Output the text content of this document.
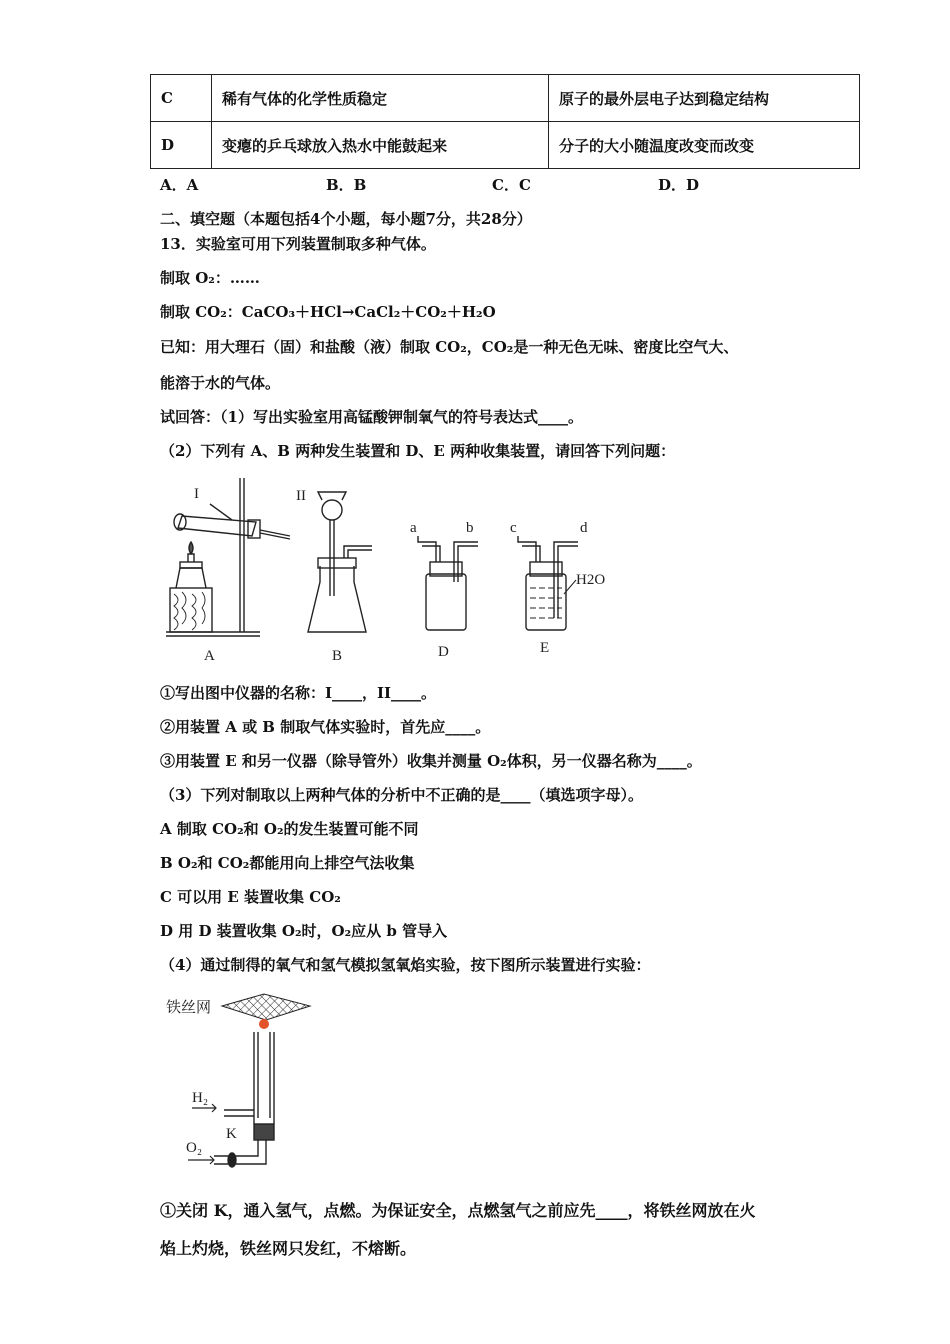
C	稀有气体的化学性质稳定	原子的最外层电子达到稳定结构
D	变瘪的乒乓球放入热水中能鼓起来	分子的大小随温度改变而改变
A．A	B．B	C．C	D．D
二、填空题（本题包括4个小题，每小题7分，共28分）
13．实验室可用下列装置制取多种气体。
制取 O₂：……
制取 CO₂：CaCO₃＋HCl→CaCl₂＋CO₂＋H₂O
已知：用大理石（固）和盐酸（液）制取 CO₂，CO₂是一种无色无味、密度比空气大、
能溶于水的气体。
试回答：（1）写出实验室用高锰酸钾制氧气的符号表达式____。
（2）下列有 A、B 两种发生装置和 D、E 两种收集装置，请回答下列问题：
I	II
a	b c	d
H2O
A	B	D	E
①写出图中仪器的名称：I____，II____。
②用装置 A 或 B 制取气体实验时，首先应____。
③用装置 E 和另一仪器（除导管外）收集并测量 O₂体积，另一仪器名称为____。
（3）下列对制取以上两种气体的分析中不正确的是____（填选项字母）。
A 制取 CO₂和 O₂的发生装置可能不同
B O₂和 CO₂都能用向上排空气法收集
C 可以用 E 装置收集 CO₂
D 用 D 装置收集 O₂时，O₂应从 b 管导入
（4）通过制得的氧气和氢气模拟氢氧焰实验，按下图所示装置进行实验：
铁丝网
H₂
K
O₂
①关闭 K，通入氢气，点燃。为保证安全，点燃氢气之前应先____，将铁丝网放在火
焰上灼烧，铁丝网只发红，不熔断。
